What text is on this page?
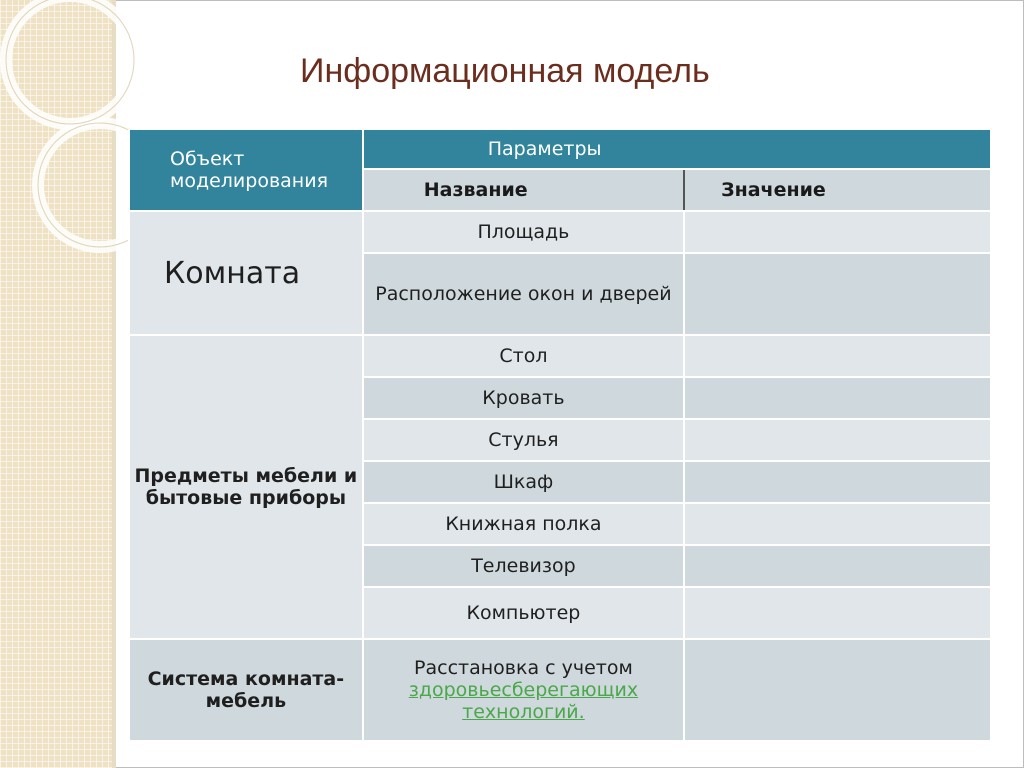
Информационная модель
Объект моделирования	Параметры	
	Название	Значение
Комната	Площадь	
	Расположение окон и дверей	
Предметы мебели и бытовые приборы	Стол	
	Кровать	
	Стулья	
	Шкаф	
	Книжная полка	
	Телевизор	
	Компьютер	
Система комната-мебель	Расстановка с учетом
здоровьесберегающих технологий.	
